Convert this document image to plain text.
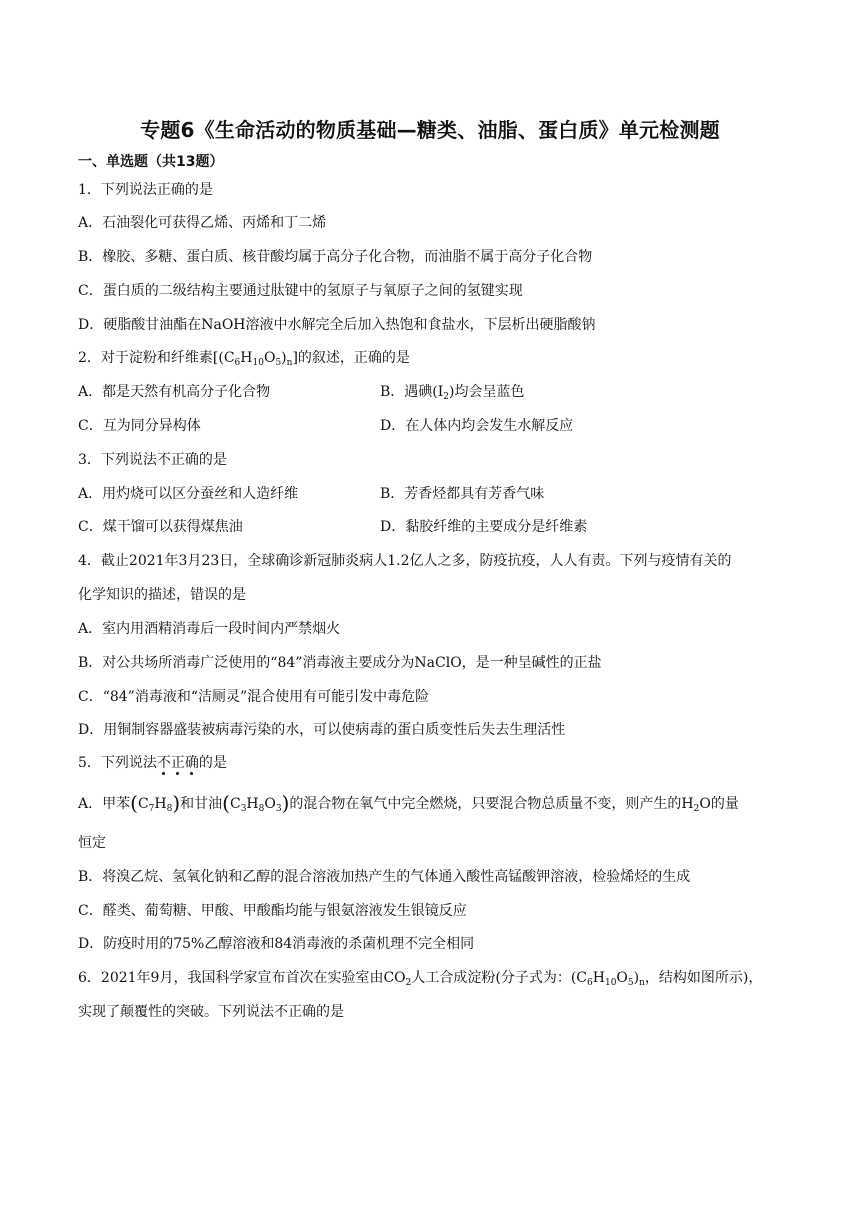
专题6《生命活动的物质基础—糖类、油脂、蛋白质》单元检测题
一、单选题（共13题）
1．下列说法正确的是
A．石油裂化可获得乙烯、丙烯和丁二烯
B．橡胶、多糖、蛋白质、核苷酸均属于高分子化合物，而油脂不属于高分子化合物
C．蛋白质的二级结构主要通过肽键中的氢原子与氧原子之间的氢键实现
D．硬脂酸甘油酯在NaOH溶液中水解完全后加入热饱和食盐水，下层析出硬脂酸钠
2．对于淀粉和纤维素$[(C_6H_{10}O_5)_n]$的叙述，正确的是
A．都是天然有机高分子化合物	B．遇碘$(I_2)$均会呈蓝色
C．互为同分异构体	D．在人体内均会发生水解反应
3．下列说法不正确的是
A．用灼烧可以区分蚕丝和人造纤维	B．芳香烃都具有芳香气味
C．煤干馏可以获得煤焦油	D．黏胶纤维的主要成分是纤维素
4．截止2021年3月23日，全球确诊新冠肺炎病人1.2亿人之多，防疫抗疫，人人有责。下列与疫情有关的
化学知识的描述，错误的是
A．室内用酒精消毒后一段时间内严禁烟火
B．对公共场所消毒广泛使用的“84”消毒液主要成分为NaClO，是一种呈碱性的正盐
C．“84”消毒液和“洁厕灵”混合使用有可能引发中毒危险
D．用铜制容器盛装被病毒污染的水，可以使病毒的蛋白质变性后失去生理活性
5．下列说法不正确的是
A．甲苯$(C_7H_8)$和甘油$(C_3H_8O_3)$的混合物在氧气中完全燃烧，只要混合物总质量不变，则产生的$H_2O$的量
恒定
B．将溴乙烷、氢氧化钠和乙醇的混合溶液加热产生的气体通入酸性高锰酸钾溶液，检验烯烃的生成
C．醛类、葡萄糖、甲酸、甲酸酯均能与银氨溶液发生银镜反应
D．防疫时用的75%乙醇溶液和84消毒液的杀菌机理不完全相同
6．2021年9月，我国科学家宣布首次在实验室由$CO_2$人工合成淀粉(分子式为：$(C_6H_{10}O_5)_n$，结构如图所示)，
实现了颠覆性的突破。下列说法不正确的是
